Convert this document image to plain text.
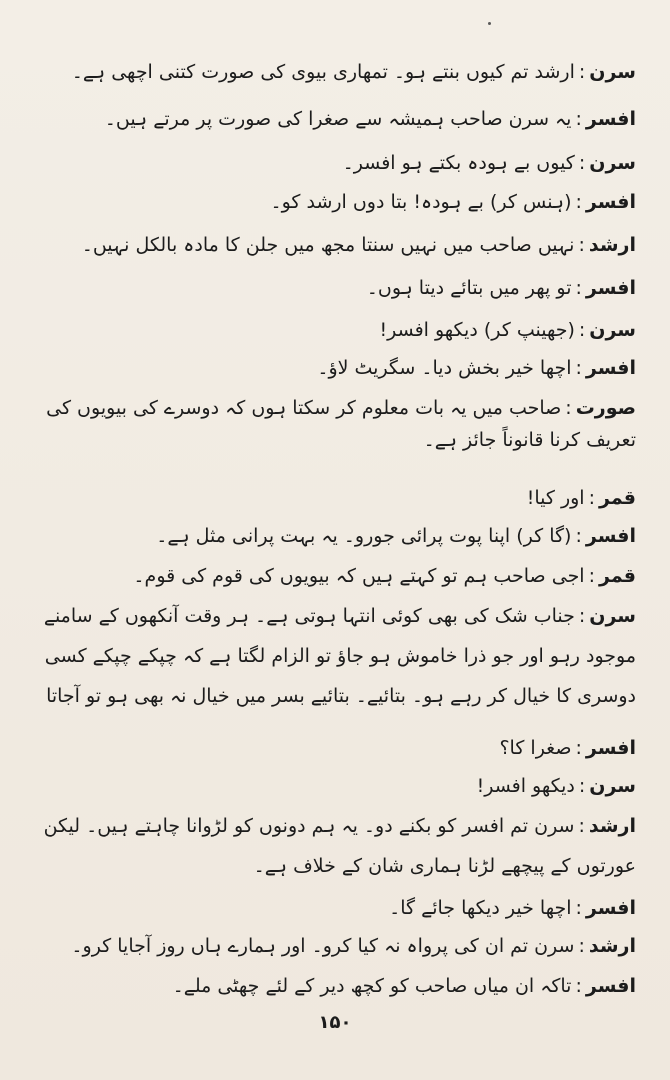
سرن:ارشد تم کیوں بنتے ہو۔ تمھاری بیوی کی صورت کتنی اچھی ہے۔
افسر:یہ سرن صاحب ہمیشہ سے صغرا کی صورت پر مرتے ہیں۔
سرن:کیوں بے ہودہ بکتے ہو افسر۔
افسر:(ہنس کر) بے ہودہ! بتا دوں ارشد کو۔
ارشد:نہیں صاحب میں نہیں سنتا مجھ میں جلن کا مادہ بالکل نہیں۔
افسر:تو پھر میں بتائے دیتا ہوں۔
سرن:(جھینپ کر) دیکھو افسر!
افسر:اچھا خیر بخش دیا۔ سگریٹ لاؤ۔
صورت:صاحب میں یہ بات معلوم کر سکتا ہوں کہ دوسرے کی بیویوں کی تعریف کرنا قانوناً جائز ہے۔
قمر:اور کیا!
افسر:(گا کر) اپنا پوت پرائی جورو۔ یہ بہت پرانی مثل ہے۔
قمر:اجی صاحب ہم تو کہتے ہیں کہ بیویوں کی قوم کی قوم۔
سرن:جناب شک کی بھی کوئی انتہا ہوتی ہے۔ ہر وقت آنکھوں کے سامنے موجود رہو اور جو ذرا خاموش ہو جاؤ تو الزام لگتا ہے کہ چپکے چپکے کسی دوسری کا خیال کر رہے ہو۔ بتائیے۔ بتائیے بسر میں خیال نہ بھی ہو تو آجاتا
افسر:صغرا کا؟
سرن:دیکھو افسر!
ارشد:سرن تم افسر کو بکنے دو۔ یہ ہم دونوں کو لڑوانا چاہتے ہیں۔ لیکن عورتوں کے پیچھے لڑنا ہماری شان کے خلاف ہے۔
افسر:اچھا خیر دیکھا جائے گا۔
ارشد:سرن تم ان کی پرواہ نہ کیا کرو۔ اور ہمارے ہاں روز آجایا کرو۔
افسر:تاکہ ان میاں صاحب کو کچھ دیر کے لئے چھٹی ملے۔
۱۵۰
